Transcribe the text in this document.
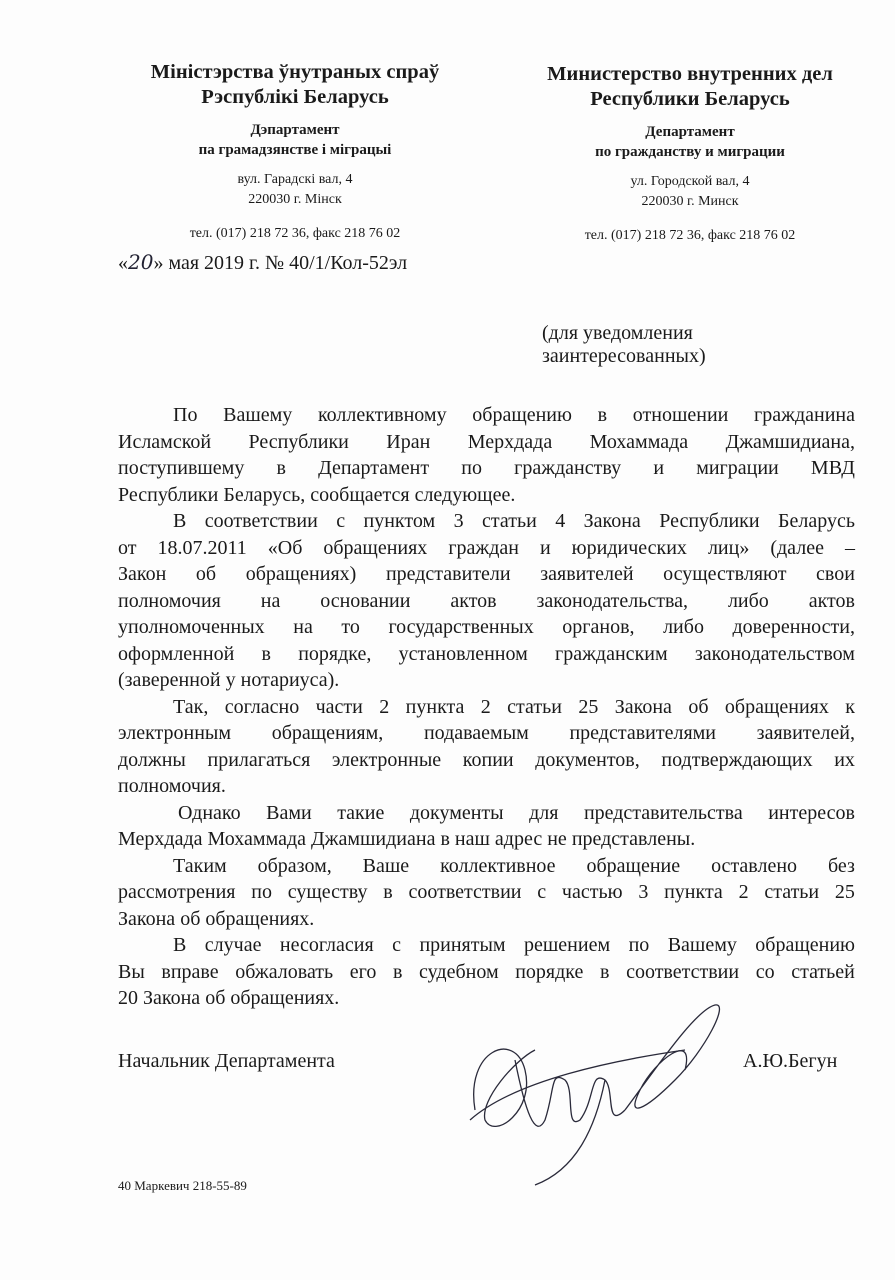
Міністэрства ўнутраных спраў
Рэспублікі Беларусь
Дэпартамент
па грамадзянстве і міграцыі
вул. Гарадскі вал, 4
220030 г. Мінск
тел. (017) 218 72 36, факс 218 76 02
Министерство внутренних дел
Республики Беларусь
Департамент
по гражданству и миграции
ул. Городской вал, 4
220030 г. Минск
тел. (017) 218 72 36, факс 218 76 02
«20» мая 2019 г. № 40/1/Кол-52эл
(для уведомления
заинтересованных)
По Вашему коллективному обращению в отношении гражданина
Исламской Республики Иран Мерхдада Мохаммада Джамшидиана,
поступившему в Департамент по гражданству и миграции МВД
Республики Беларусь, сообщается следующее.
В соответствии с пунктом 3 статьи 4 Закона Республики Беларусь
от 18.07.2011 «Об обращениях граждан и юридических лиц» (далее –
Закон об обращениях) представители заявителей осуществляют свои
полномочия на основании актов законодательства, либо актов
уполномоченных на то государственных органов, либо доверенности,
оформленной в порядке, установленном гражданским законодательством
(заверенной у нотариуса).
Так, согласно части 2 пункта 2 статьи 25 Закона об обращениях к
электронным обращениям, подаваемым представителями заявителей,
должны прилагаться электронные копии документов, подтверждающих их
полномочия.
Однако Вами такие документы для представительства интересов
Мерхдада Мохаммада Джамшидиана в наш адрес не представлены.
Таким образом, Ваше коллективное обращение оставлено без
рассмотрения по существу в соответствии с частью 3 пункта 2 статьи 25
Закона об обращениях.
В случае несогласия с принятым решением по Вашему обращению
Вы вправе обжаловать его в судебном порядке в соответствии со статьей
20 Закона об обращениях.
Начальник Департамента	А.Ю.Бегун
40 Маркевич 218-55-89
